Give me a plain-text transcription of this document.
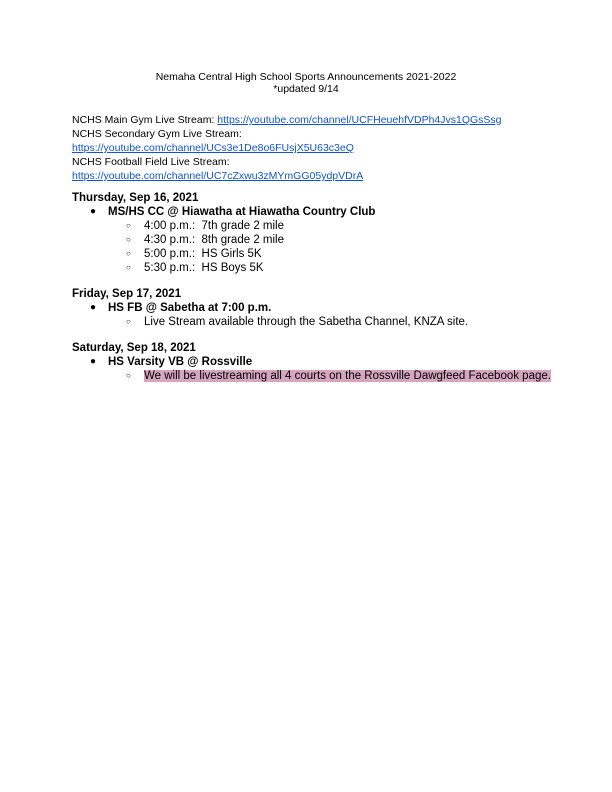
Nemaha Central High School Sports Announcements 2021-2022
*updated 9/14
NCHS Main Gym Live Stream: https://youtube.com/channel/UCFHeuehfVDPh4Jvs1QGsSsg
NCHS Secondary Gym Live Stream:
https://youtube.com/channel/UCs3e1De8o6FUsjX5U63c3eQ
NCHS Football Field Live Stream:
https://youtube.com/channel/UC7cZxwu3zMYmGG05ydpVDrA
Thursday, Sep 16, 2021
● MS/HS CC @ Hiawatha at Hiawatha Country Club
○ 4:00 p.m.:  7th grade 2 mile
○ 4:30 p.m.:  8th grade 2 mile
○ 5:00 p.m.:  HS Girls 5K
○ 5:30 p.m.:  HS Boys 5K
Friday, Sep 17, 2021
● HS FB @ Sabetha at 7:00 p.m.
○ Live Stream available through the Sabetha Channel, KNZA site.
Saturday, Sep 18, 2021
● HS Varsity VB @ Rossville
○ We will be livestreaming all 4 courts on the Rossville Dawgfeed Facebook page.
